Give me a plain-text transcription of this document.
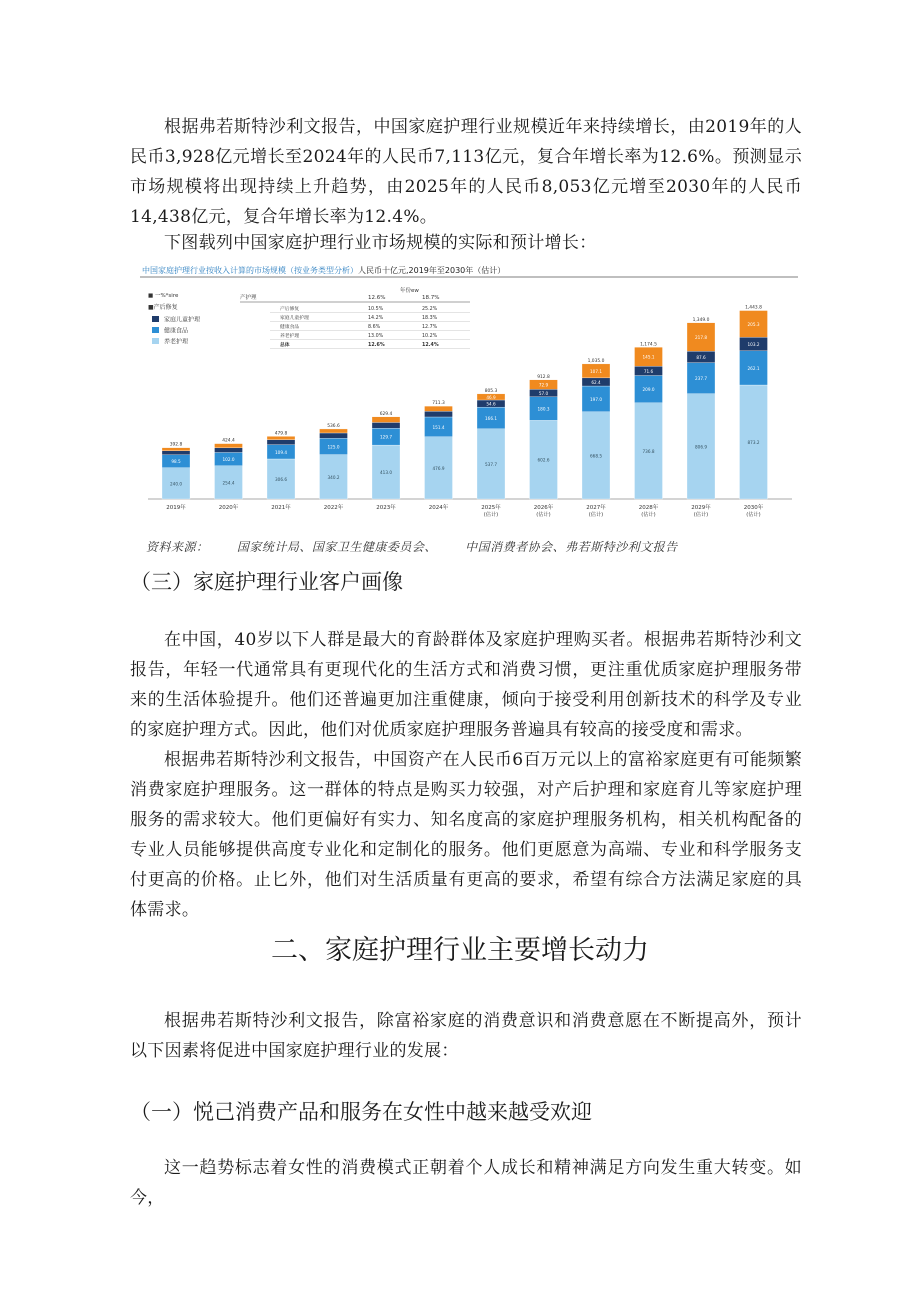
根据弗若斯特沙利文报告，中国家庭护理行业规模近年来持续增长，由2019年的人民币3,928亿元增长至2024年的人民币7,113亿元，复合年增长率为12.6%。预测显示市场规模将出现持续上升趋势，由2025年的人民币8,053亿元增至2030年的人民币14,438亿元，复合年增长率为12.4%。

下图载列中国家庭护理行业市场规模的实际和预计增长：

中国家庭护理行业按收入计算的市场规模（按业务类型分析）人民币十亿元,2019年至2030年（估计）
■ 一%*sire
■产后修复
家庭儿童护理
健康食品
养老护理
产护理	12.6%	18.7%
年份ew
产后修复	10.5%	25.2%
家庭儿童护理	14.2%	18.3%
健康食品	8.6%	12.7%
养老护理	13.0%	10.2%
总体	12.6%	12.4%
240.0
98.5
392.8
2019年
254.4
102.0
424.4
2020年
306.6
109.4
479.8
2021年
340.2
125.0
536.6
2022年
413.0
129.7
629.4
2023年
476.9
151.4
711.3
2024年
537.7
166.1
54.6
46.9
805.3
2025年
(估计)
602.6
180.3
57.0
72.9
912.8
2026年
(估计)
668.5
197.0
62.4
107.1
1,035.0
2027年
(估计)
736.8
209.0
71.6
145.1
1,174.5
2028年
(估计)
806.9
237.7
87.6
217.8
1,349.0
2029年
(估计)
873.2
262.1
103.2
205.3
1,443.8
2030年
(估计)

资料来源： 国家统计局、国家卫生健康委员会、 中国消费者协会、弗若斯特沙利文报告

（三）家庭护理行业客户画像

在中国，40岁以下人群是最大的育龄群体及家庭护理购买者。根据弗若斯特沙利文报告，年轻一代通常具有更现代化的生活方式和消费习惯，更注重优质家庭护理服务带来的生活体验提升。他们还普遍更加注重健康，倾向于接受利用创新技术的科学及专业的家庭护理方式。因此，他们对优质家庭护理服务普遍具有较高的接受度和需求。

根据弗若斯特沙利文报告，中国资产在人民币6百万元以上的富裕家庭更有可能频繁消费家庭护理服务。这一群体的特点是购买力较强，对产后护理和家庭育儿等家庭护理服务的需求较大。他们更偏好有实力、知名度高的家庭护理服务机构，相关机构配备的专业人员能够提供高度专业化和定制化的服务。他们更愿意为高端、专业和科学服务支付更高的价格。止匕外，他们对生活质量有更高的要求，希望有综合方法满足家庭的具体需求。

二、家庭护理行业主要增长动力

根据弗若斯特沙利文报告，除富裕家庭的消费意识和消费意愿在不断提高外，预计以下因素将促进中国家庭护理行业的发展：

（一）悦己消费产品和服务在女性中越来越受欢迎

这一趋势标志着女性的消费模式正朝着个人成长和精神满足方向发生重大转变。如今，
